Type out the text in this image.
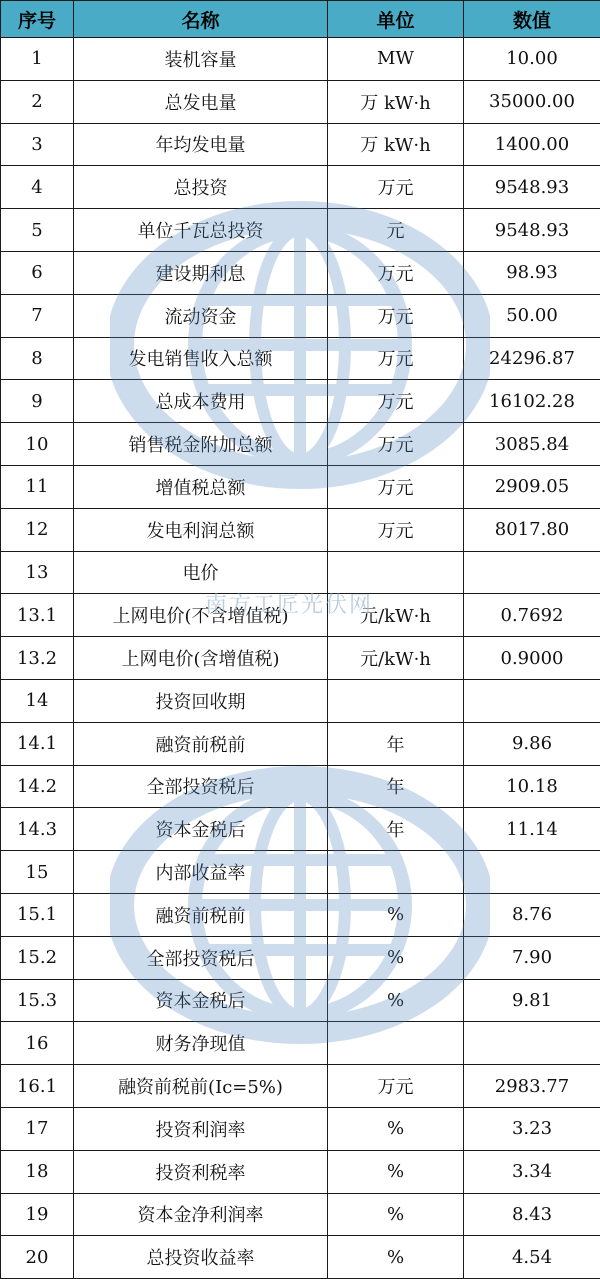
序号	名称	单位	数值
1	装机容量	MW	10.00
2	总发电量	万 kW·h	35000.00
3	年均发电量	万 kW·h	1400.00
4	总投资	万元	9548.93
5	单位千瓦总投资	元	9548.93
6	建设期利息	万元	98.93
7	流动资金	万元	50.00
8	发电销售收入总额	万元	24296.87
9	总成本费用	万元	16102.28
10	销售税金附加总额	万元	3085.84
11	增值税总额	万元	2909.05
12	发电利润总额	万元	8017.80
13	电价		
13.1	上网电价(不含增值税)	元/kW·h	0.7692
13.2	上网电价(含增值税)	元/kW·h	0.9000
14	投资回收期		
14.1	融资前税前	年	9.86
14.2	全部投资税后	年	10.18
14.3	资本金税后	年	11.14
15	内部收益率		
15.1	融资前税前	%	8.76
15.2	全部投资税后	%	7.90
15.3	资本金税后	%	9.81
16	财务净现值		
16.1	融资前税前(Ic=5%)	万元	2983.77
17	投资利润率	%	3.23
18	投资利税率	%	3.34
19	资本金净利润率	%	8.43
20	总投资收益率	%	4.54
南方工匠光伏网
